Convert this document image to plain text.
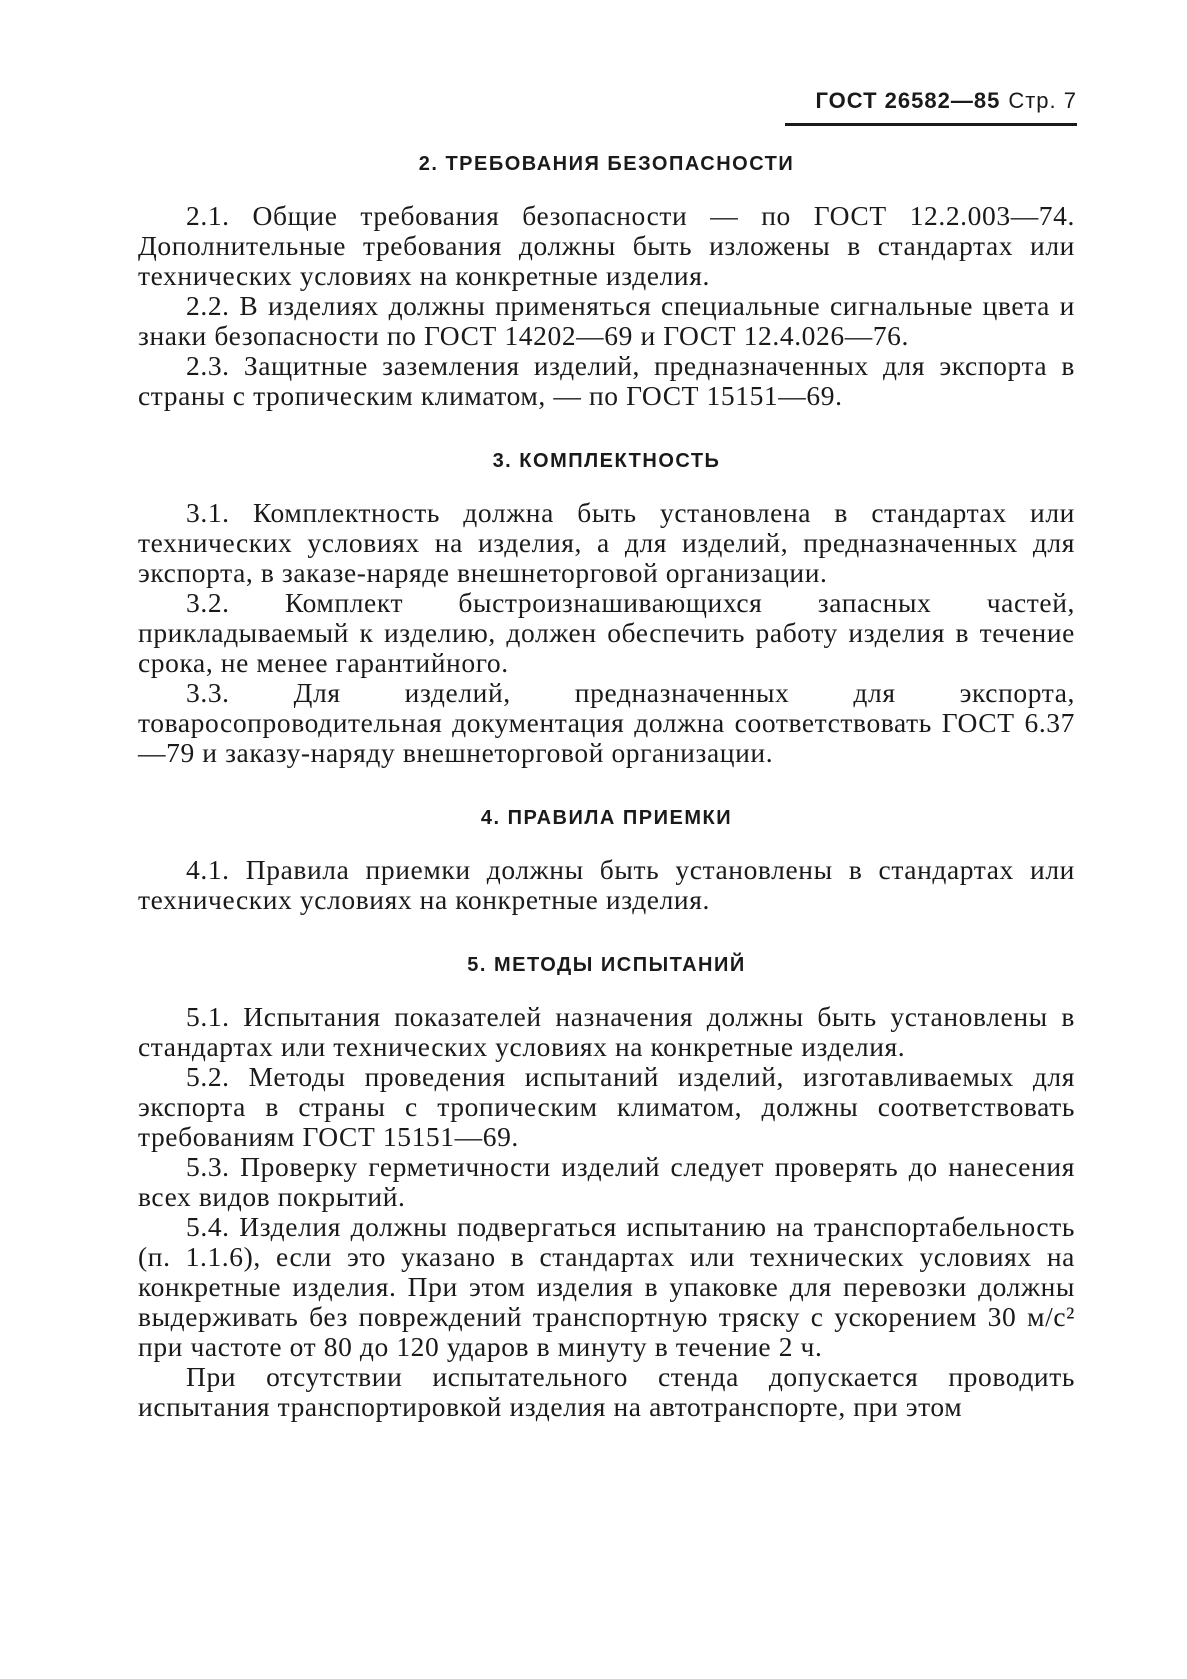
ГОСТ 26582—85 Стр. 7
2. ТРЕБОВАНИЯ БЕЗОПАСНОСТИ

2.1. Общие требования безопасности — по ГОСТ 12.2.003—74. Дополнительные требования должны быть изложены в стандартах или технических условиях на конкретные изделия.

2.2. В изделиях должны применяться специальные сигнальные цвета и знаки безопасности по ГОСТ 14202—69 и ГОСТ 12.4.026—76.

2.3. Защитные заземления изделий, предназначенных для экспорта в страны с тропическим климатом, — по ГОСТ 15151—69.

3. КОМПЛЕКТНОСТЬ

3.1. Комплектность должна быть установлена в стандартах или технических условиях на изделия, а для изделий, предназначенных для экспорта, в заказе-наряде внешнеторговой организации.

3.2. Комплект быстроизнашивающихся запасных частей, прикладываемый к изделию, должен обеспечить работу изделия в течение срока, не менее гарантийного.

3.3. Для изделий, предназначенных для экспорта, товаросопроводительная документация должна соответствовать ГОСТ 6.37—79 и заказу-наряду внешнеторговой организации.

4. ПРАВИЛА ПРИЕМКИ

4.1. Правила приемки должны быть установлены в стандартах или технических условиях на конкретные изделия.

5. МЕТОДЫ ИСПЫТАНИЙ

5.1. Испытания показателей назначения должны быть установлены в стандартах или технических условиях на конкретные изделия.

5.2. Методы проведения испытаний изделий, изготавливаемых для экспорта в страны с тропическим климатом, должны соответствовать требованиям ГОСТ 15151—69.

5.3. Проверку герметичности изделий следует проверять до нанесения всех видов покрытий.

5.4. Изделия должны подвергаться испытанию на транспортабельность (п. 1.1.6), если это указано в стандартах или технических условиях на конкретные изделия. При этом изделия в упаковке для перевозки должны выдерживать без повреждений транспортную тряску с ускорением 30 м/с² при частоте от 80 до 120 ударов в минуту в течение 2 ч.

При отсутствии испытательного стенда допускается проводить испытания транспортировкой изделия на автотранспорте, при этом
